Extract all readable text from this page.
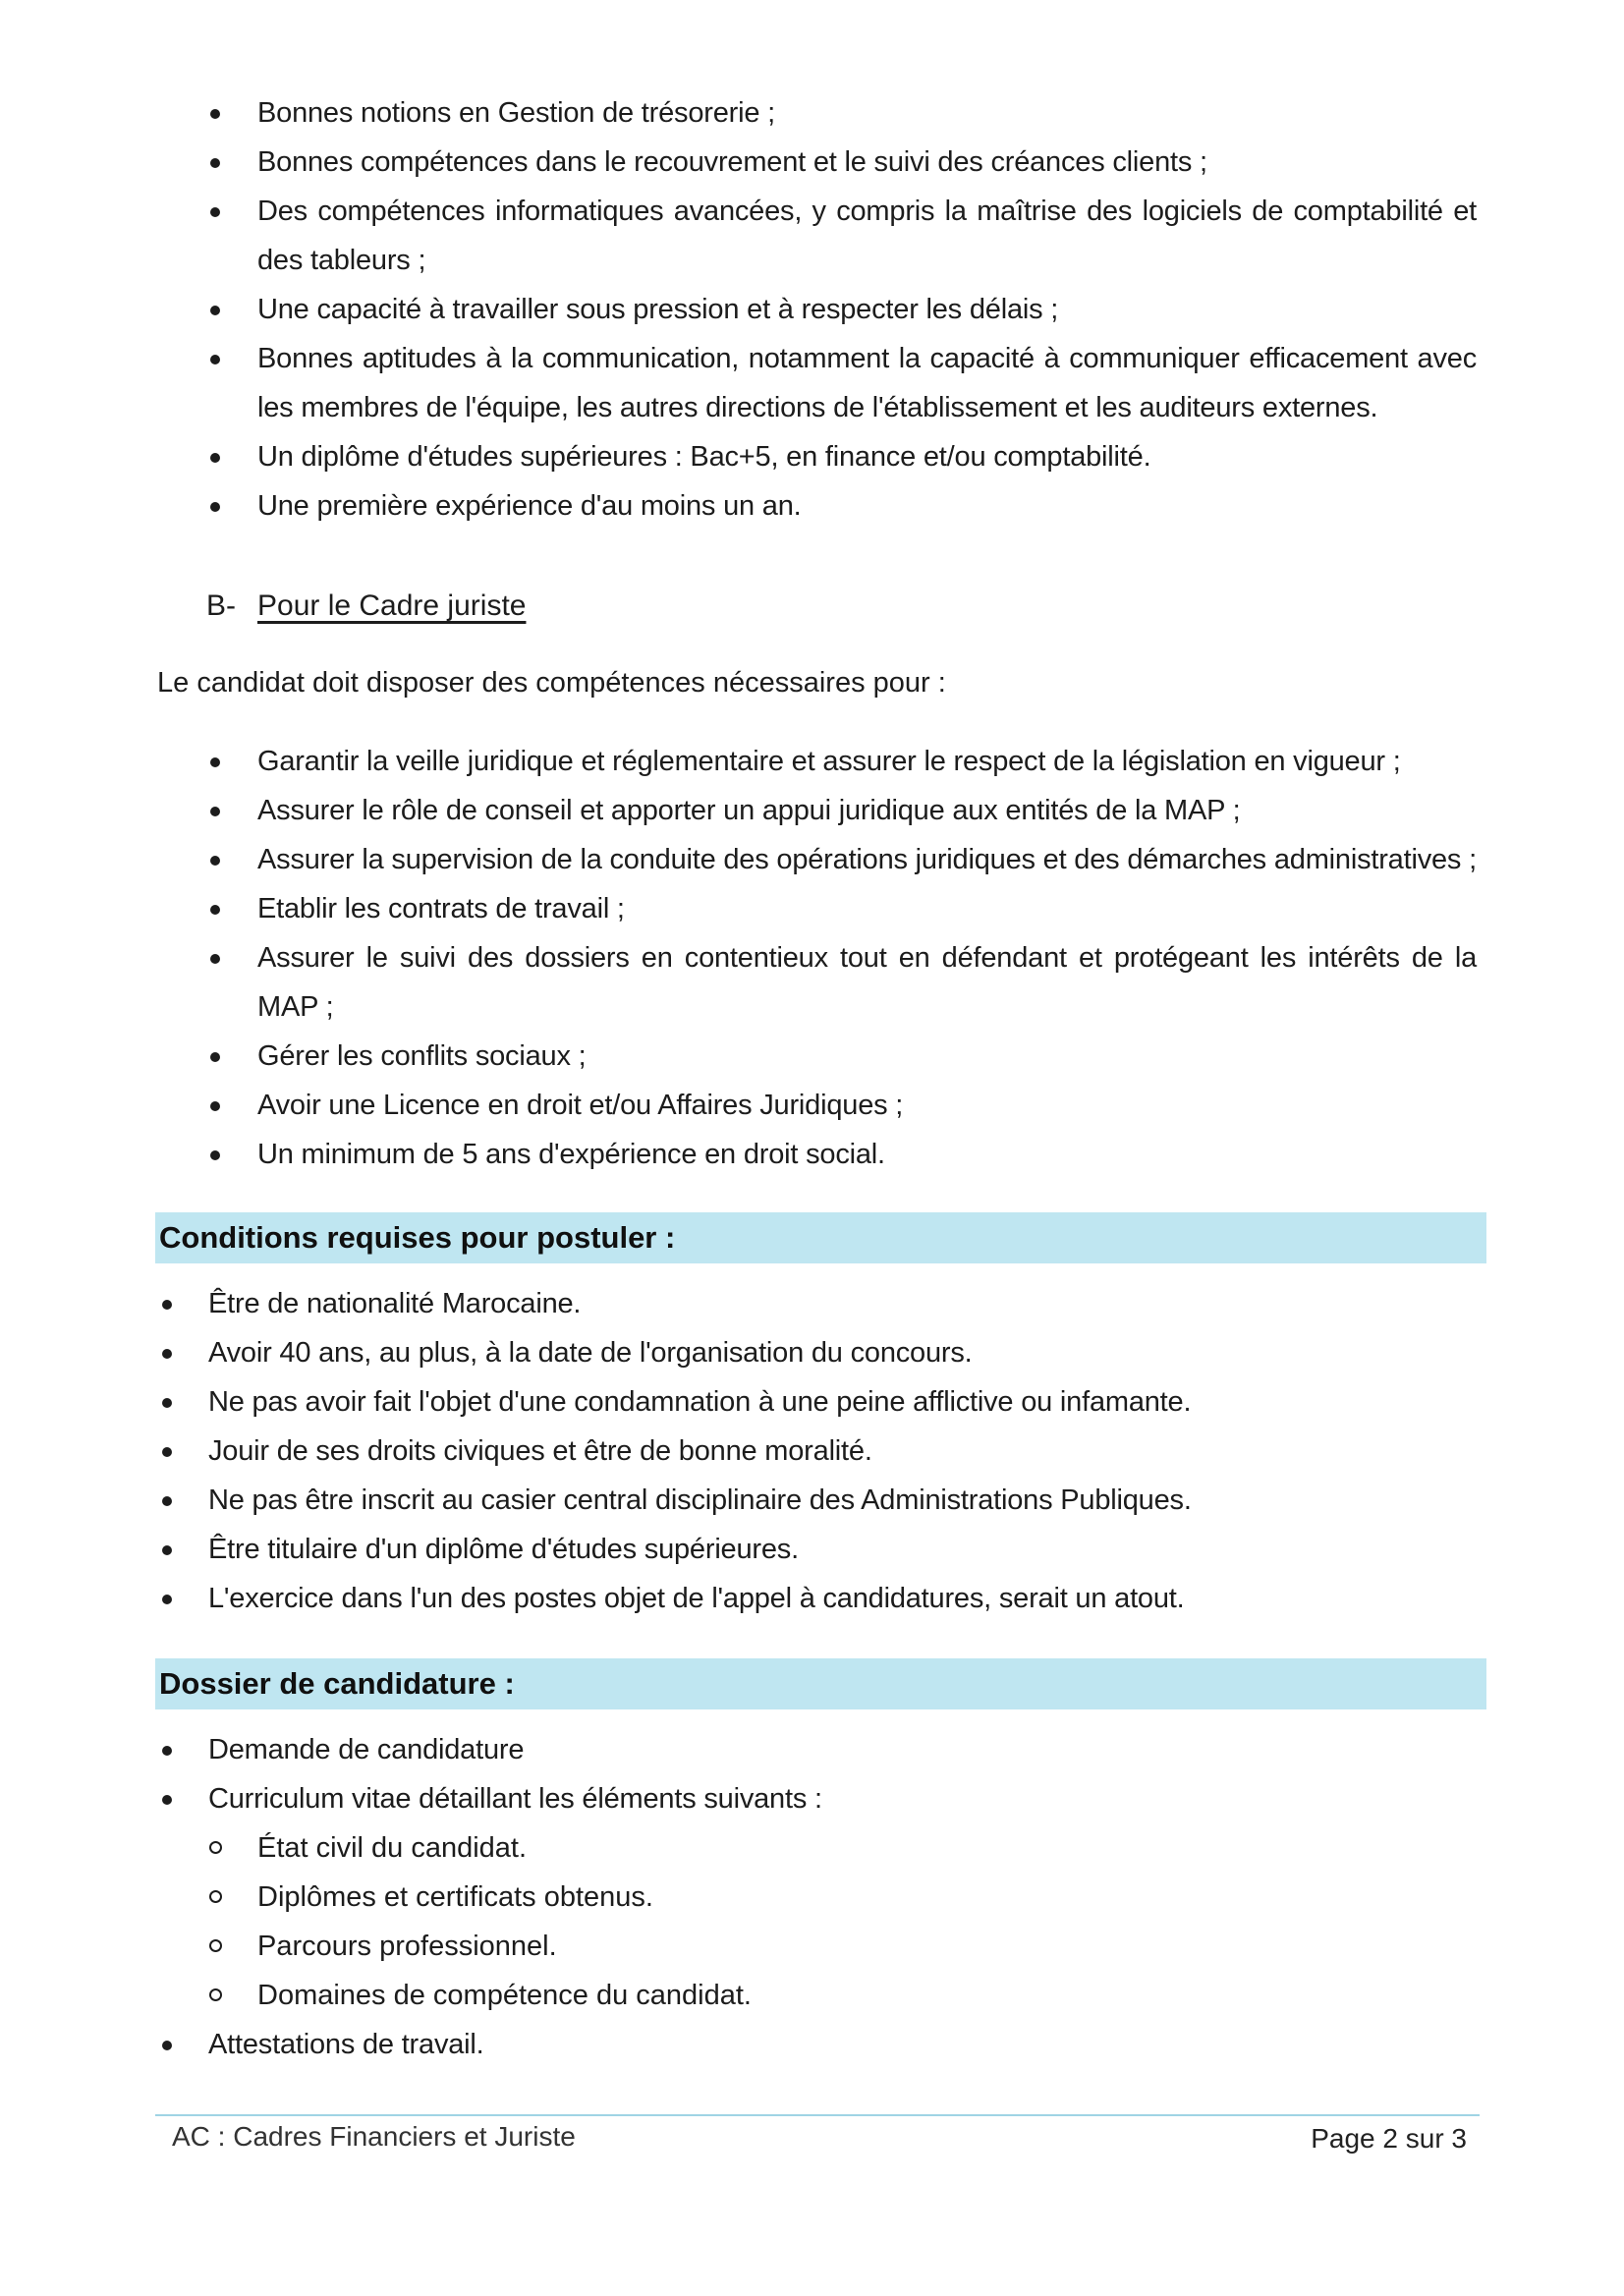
Bonnes notions en Gestion de trésorerie ;
Bonnes compétences dans le recouvrement et le suivi des créances clients ;
Des compétences informatiques avancées, y compris la maîtrise des logiciels de comptabilité et des tableurs ;
Une capacité à travailler sous pression et à respecter les délais ;
Bonnes aptitudes à la communication, notamment la capacité à communiquer efficacement avec les membres de l'équipe, les autres directions de l'établissement et les auditeurs externes.
Un diplôme d'études supérieures : Bac+5, en finance et/ou comptabilité.
Une première expérience d'au moins un an.
B- Pour le Cadre juriste
Le candidat doit disposer des compétences nécessaires pour :
Garantir la veille juridique et réglementaire et assurer le respect de la législation en vigueur ;
Assurer le rôle de conseil et apporter un appui juridique aux entités de la MAP ;
Assurer la supervision de la conduite des opérations juridiques et des démarches administratives ;
Etablir les contrats de travail ;
Assurer le suivi des dossiers en contentieux tout en défendant et protégeant les intérêts de la MAP ;
Gérer les conflits sociaux ;
Avoir une Licence en droit et/ou Affaires Juridiques ;
Un minimum de 5 ans d'expérience en droit social.
Conditions requises pour postuler :
Être de nationalité Marocaine.
Avoir 40 ans, au plus, à la date de l'organisation du concours.
Ne pas avoir fait l'objet d'une condamnation à une peine afflictive ou infamante.
Jouir de ses droits civiques et être de bonne moralité.
Ne pas être inscrit au casier central disciplinaire des Administrations Publiques.
Être titulaire d'un diplôme d'études supérieures.
L'exercice dans l'un des postes objet de l'appel à candidatures, serait un atout.
Dossier de candidature :
Demande de candidature
Curriculum vitae détaillant les éléments suivants :
État civil du candidat.
Diplômes et certificats obtenus.
Parcours professionnel.
Domaines de compétence du candidat.
Attestations de travail.
AC : Cadres Financiers et Juriste	Page 2 sur 3
